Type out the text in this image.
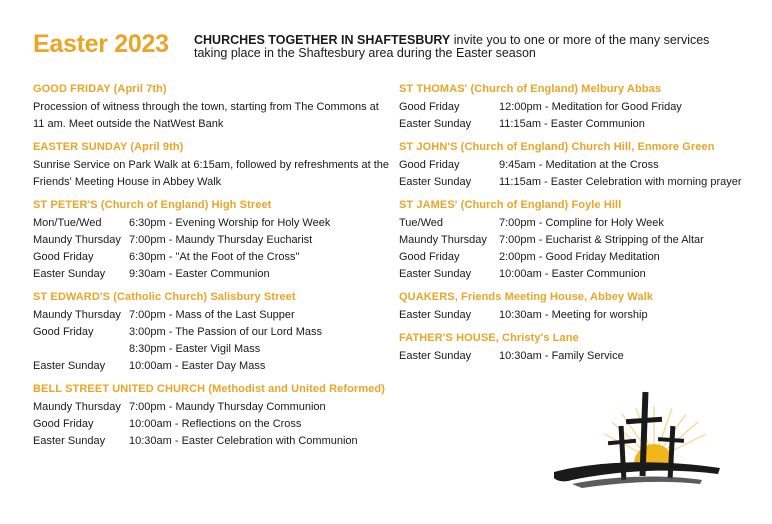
Easter 2023 CHURCHES TOGETHER IN SHAFTESBURY invite you to one or more of the many services taking place in the Shaftesbury area during the Easter season
GOOD FRIDAY (April 7th)
Procession of witness through the town, starting from The Commons at 11 am. Meet outside the NatWest Bank
EASTER SUNDAY (April 9th)
Sunrise Service on Park Walk at 6:15am, followed by refreshments at the Friends' Meeting House in Abbey Walk
ST PETER'S (Church of England) High Street
Mon/Tue/Wed	6:30pm - Evening Worship for Holy Week
Maundy Thursday 7:00pm - Maundy Thursday Eucharist
Good Friday	6:30pm - "At the Foot of the Cross"
Easter Sunday	9:30am - Easter Communion
ST EDWARD'S (Catholic Church) Salisbury Street
Maundy Thursday 7:00pm - Mass of the Last Supper
Good Friday	3:00pm - The Passion of our Lord Mass
8:30pm - Easter Vigil Mass
Easter Sunday	10:00am - Easter Day Mass
BELL STREET UNITED CHURCH (Methodist and United Reformed)
Maundy Thursday 7:00pm - Maundy Thursday Communion
Good Friday	10:00am - Reflections on the Cross
Easter Sunday	10:30am - Easter Celebration with Communion
ST THOMAS' (Church of England) Melbury Abbas
Good Friday	12:00pm - Meditation for Good Friday
Easter Sunday	11:15am - Easter Communion
ST JOHN'S (Church of England) Church Hill, Enmore Green
Good Friday	9:45am - Meditation at the Cross
Easter Sunday	11:15am - Easter Celebration with morning prayer
ST JAMES' (Church of England) Foyle Hill
Tue/Wed	7:00pm - Compline for Holy Week
Maundy Thursday	7:00pm - Eucharist & Stripping of the Altar
Good Friday	2:00pm - Good Friday Meditation
Easter Sunday	10:00am - Easter Communion
QUAKERS, Friends Meeting House, Abbey Walk
Easter Sunday	10:30am - Meeting for worship
FATHER'S HOUSE, Christy's Lane
Easter Sunday	10:30am - Family Service
